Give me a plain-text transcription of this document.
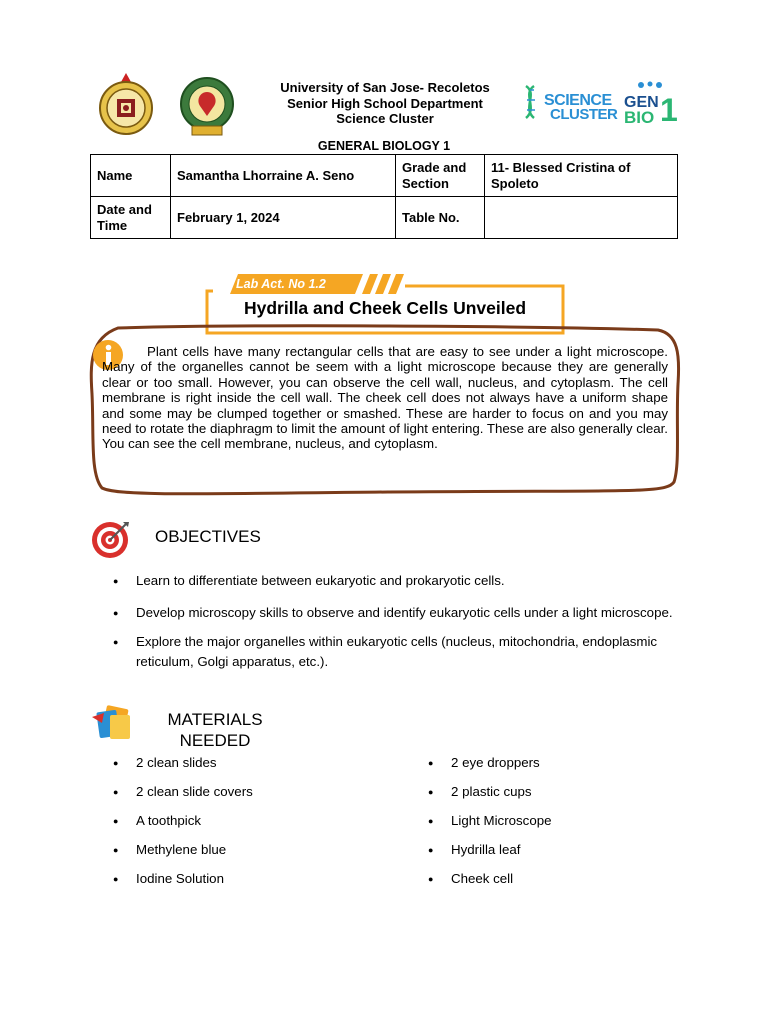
University of San Jose- Recoletos
Senior High School Department
Science Cluster
SCIENCE
CLUSTER
GEN
BIO 1
GENERAL BIOLOGY 1
Name	Samantha Lhorraine A. Seno	Grade and Section	11- Blessed Cristina of Spoleto
Date and Time	February 1, 2024	Table No.	
Lab Act. No 1.2
Hydrilla and Cheek Cells Unveiled
Plant cells have many rectangular cells that are easy to see under a light microscope. Many of the organelles cannot be seem with a light microscope because they are generally clear or too small. However, you can observe the cell wall, nucleus, and cytoplasm. The cell membrane is right inside the cell wall. The cheek cell does not always have a uniform shape and some may be clumped together or smashed. These are harder to focus on and you may need to rotate the diaphragm to limit the amount of light entering. These are also generally clear. You can see the cell membrane, nucleus, and cytoplasm.
OBJECTIVES
● Learn to differentiate between eukaryotic and prokaryotic cells.
● Develop microscopy skills to observe and identify eukaryotic cells under a light microscope.
● Explore the major organelles within eukaryotic cells (nucleus, mitochondria, endoplasmic reticulum, Golgi apparatus, etc.).
MATERIALS
NEEDED
● 2 clean slides
● 2 clean slide covers
● A toothpick
● Methylene blue
● Iodine Solution
● 2 eye droppers
● 2 plastic cups
● Light Microscope
● Hydrilla leaf
● Cheek cell
